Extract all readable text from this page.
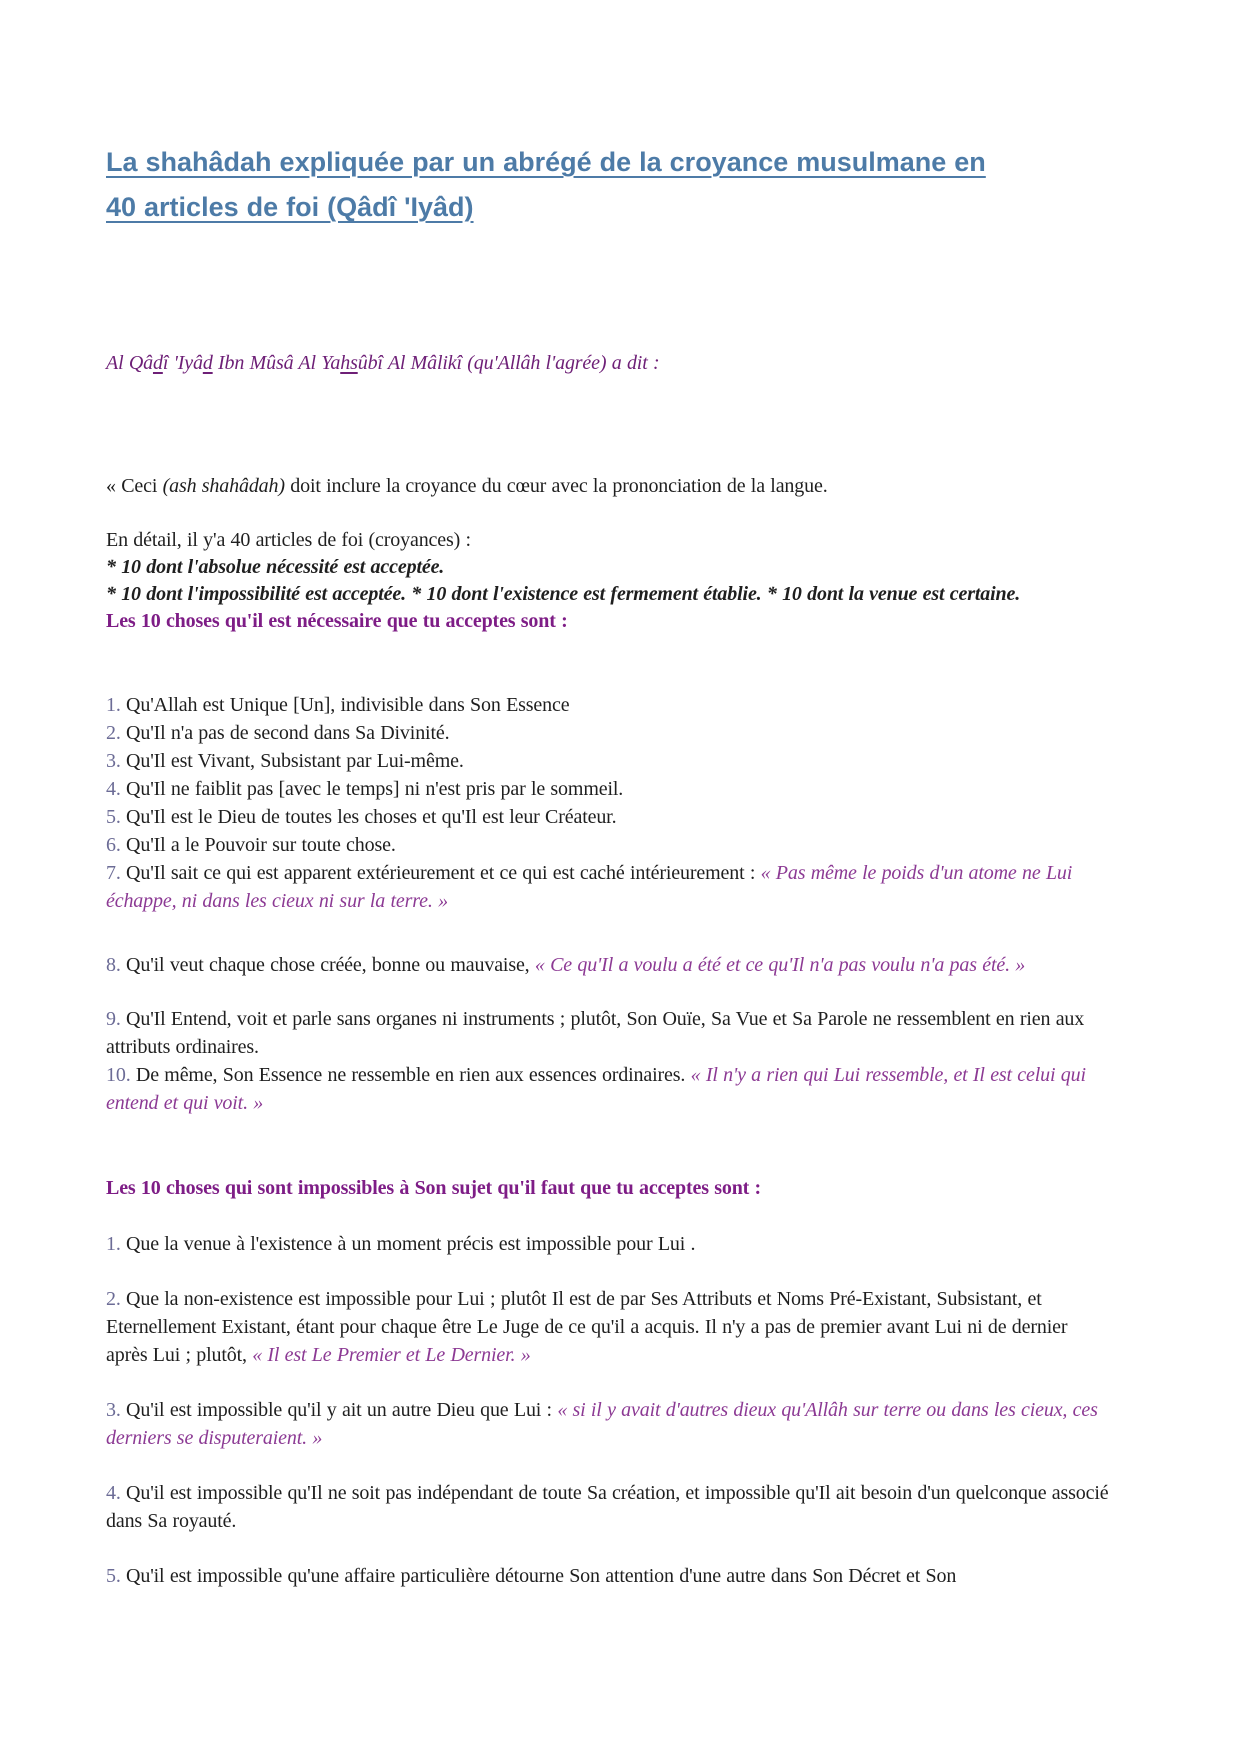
La shahâdah expliquée par un abrégé de la croyance musulmane en
40 articles de foi (Qâdî 'Iyâd)
Al Qâdî 'Iyâd Ibn Mûsâ Al Yahsûbî Al Mâlikî (qu'Allâh l'agrée) a dit :
« Ceci (ash shahâdah) doit inclure la croyance du cœur avec la prononciation de la langue.
En détail, il y'a 40 articles de foi (croyances) :
* 10 dont l'absolue nécessité est acceptée.
* 10 dont l'impossibilité est acceptée. * 10 dont l'existence est fermement établie. * 10 dont la venue est certaine.
Les 10 choses qu'il est nécessaire que tu acceptes sont :
1. Qu'Allah est Unique [Un], indivisible dans Son Essence
2. Qu'Il n'a pas de second dans Sa Divinité.
3. Qu'Il est Vivant, Subsistant par Lui-même.
4. Qu'Il ne faiblit pas [avec le temps] ni n'est pris par le sommeil.
5. Qu'Il est le Dieu de toutes les choses et qu'Il est leur Créateur.
6. Qu'Il a le Pouvoir sur toute chose.
7. Qu'Il sait ce qui est apparent extérieurement et ce qui est caché intérieurement : « Pas même le poids d'un atome ne Lui échappe, ni dans les cieux ni sur la terre. »
8. Qu'il veut chaque chose créée, bonne ou mauvaise, « Ce qu'Il a voulu a été et ce qu'Il n'a pas voulu n'a pas été. »
9. Qu'Il Entend, voit et parle sans organes ni instruments ; plutôt, Son Ouïe, Sa Vue et Sa Parole ne ressemblent en rien aux attributs ordinaires.
10. De même, Son Essence ne ressemble en rien aux essences ordinaires. « Il n'y a rien qui Lui ressemble, et Il est celui qui entend et qui voit. »
Les 10 choses qui sont impossibles à Son sujet qu'il faut que tu acceptes sont :
1. Que la venue à l'existence à un moment précis est impossible pour Lui .
2. Que la non-existence est impossible pour Lui ; plutôt Il est de par Ses Attributs et Noms Pré-Existant, Subsistant, et Eternellement Existant, étant pour chaque être Le Juge de ce qu'il a acquis. Il n'y a pas de premier avant Lui ni de dernier après Lui ; plutôt, « Il est Le Premier et Le Dernier. »
3. Qu'il est impossible qu'il y ait un autre Dieu que Lui : « si il y avait d'autres dieux qu'Allâh sur terre ou dans les cieux, ces derniers se disputeraient. »
4. Qu'il est impossible qu'Il ne soit pas indépendant de toute Sa création, et impossible qu'Il ait besoin d'un quelconque associé dans Sa royauté.
5. Qu'il est impossible qu'une affaire particulière détourne Son attention d'une autre dans Son Décret et Son
